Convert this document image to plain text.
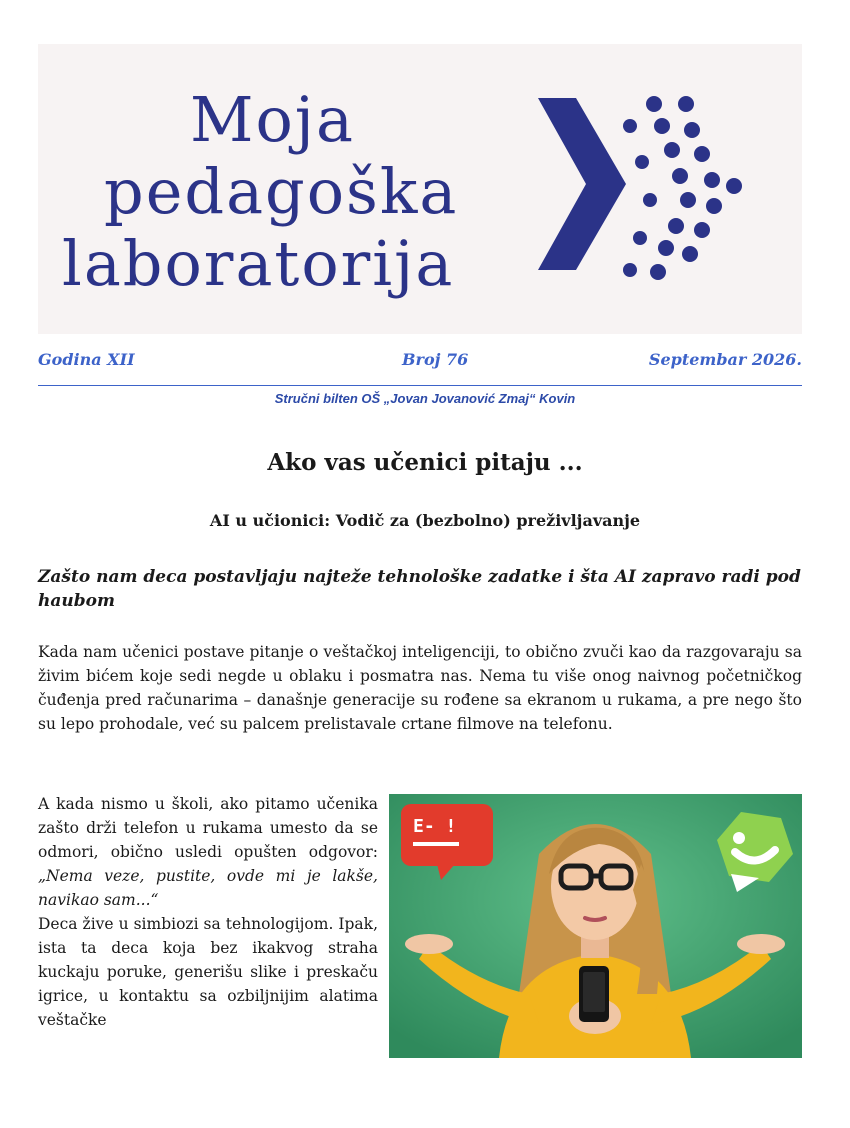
Moja
pedagoška
laboratorija
Godina XII	Broj 76	Septembar 2026.
Stručni bilten OŠ „Jovan Jovanović Zmaj“ Kovin
Ako vas učenici pitaju ...
AI u učionici: Vodič za (bezbolno) preživljavanje
Zašto nam deca postavljaju najteže tehnološke zadatke i šta AI zapravo radi pod haubom
Kada nam učenici postave pitanje o veštačkoj inteligenciji, to obično zvuči kao da razgovaraju sa živim bićem koje sedi negde u oblaku i posmatra nas. Nema tu više onog naivnog početničkog čuđenja pred računarima – današnje generacije su rođene sa ekranom u rukama, a pre nego što su lepo prohodale, već su palcem prelistavale crtane filmove na telefonu.
A kada nismo u školi, ako pitamo učenika zašto drži telefon u rukama umesto da se odmori, obično usledi opušten odgovor: „Nema veze, pustite, ovde mi je lakše, navikao sam...“
Deca žive u simbiozi sa tehnologijom. Ipak, ista ta deca koja bez ikakvog straha kuckaju poruke, generišu slike i preskaču igrice, u kontaktu sa ozbiljnijim alatima veštačke
E- !
